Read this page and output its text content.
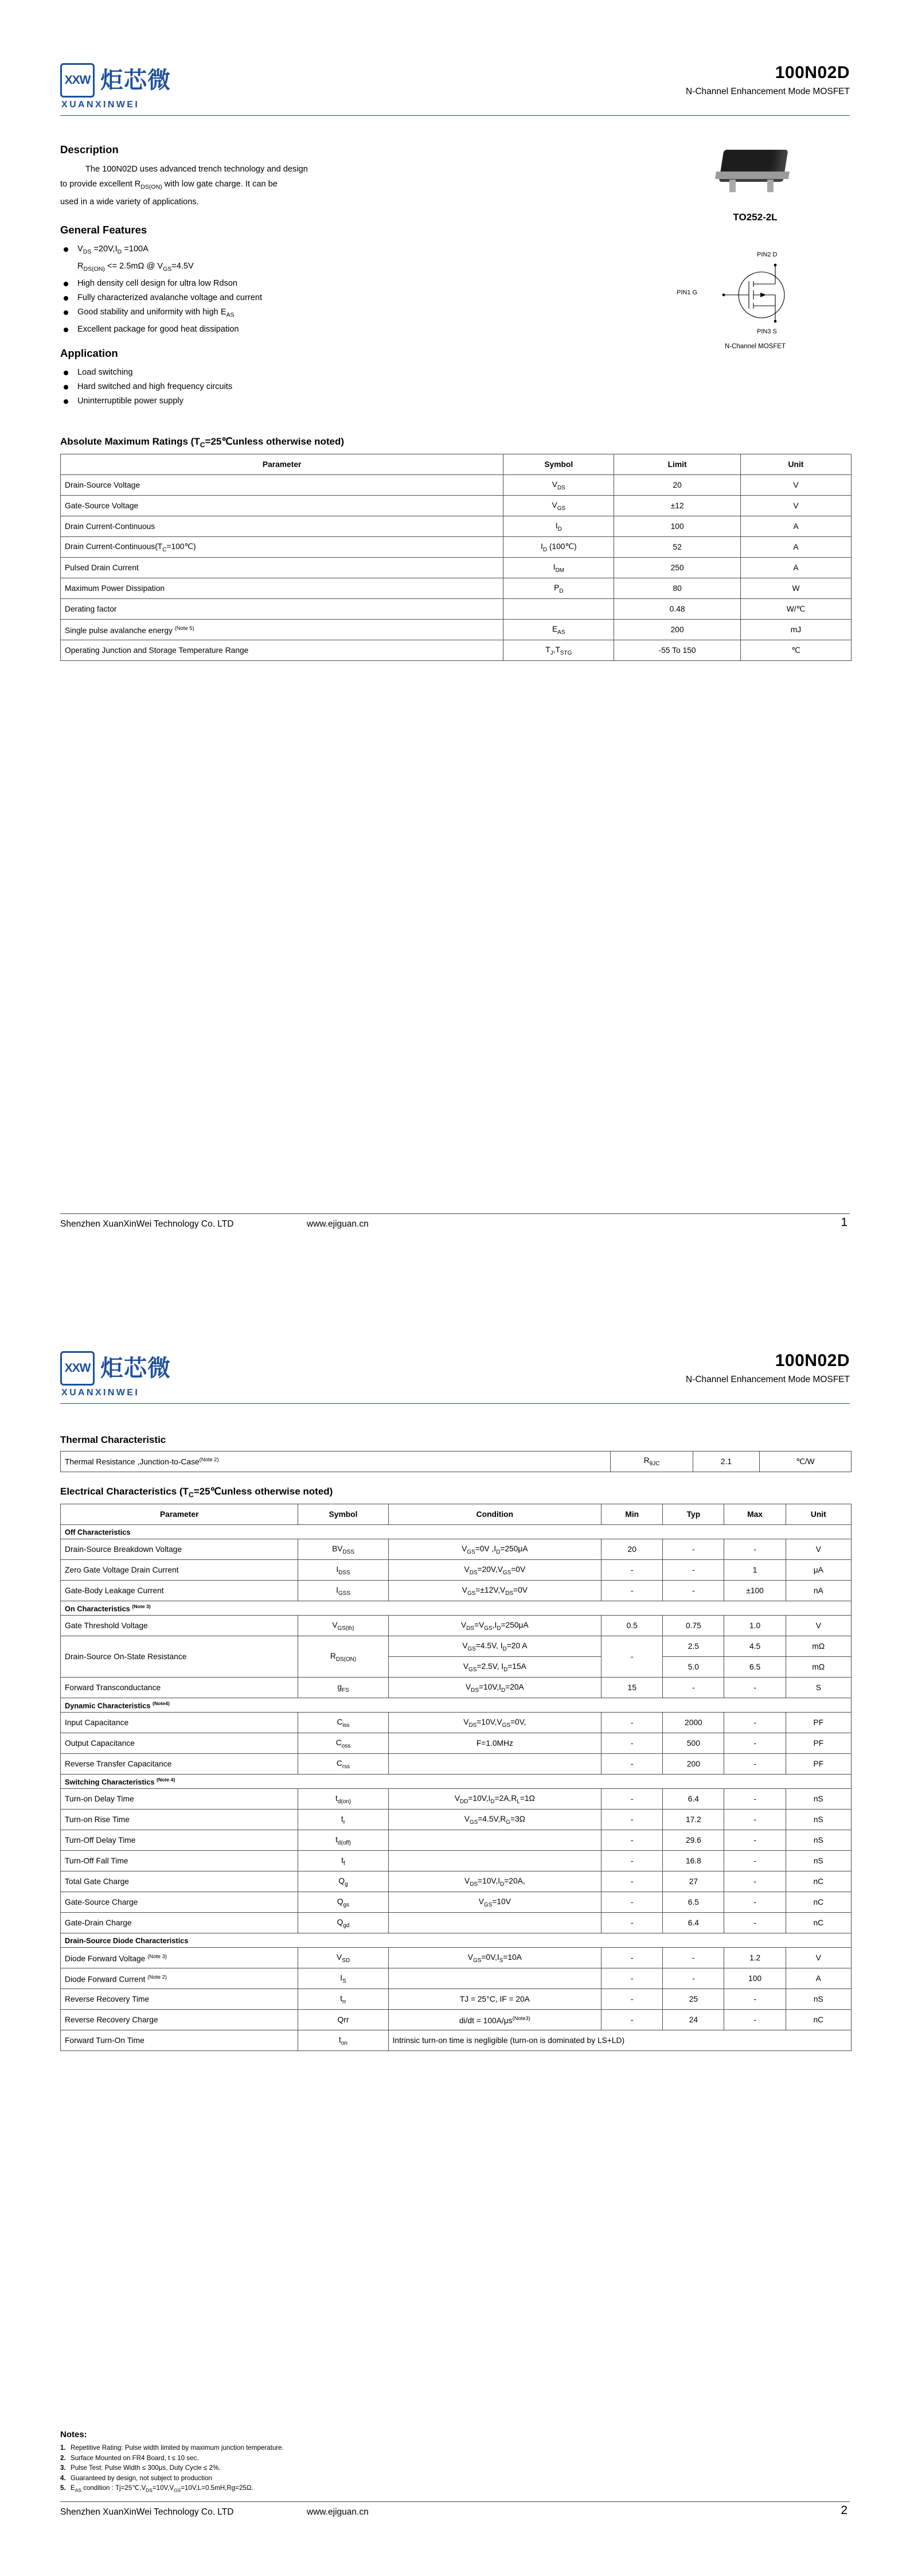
XXW 炬芯微
XUANXINWEI
100N02D
N-Channel Enhancement Mode MOSFET
TO252-2L
PIN2 D
PIN1 G
PIN3 S
N-Channel MOSFET
Description
The 100N02D uses advanced trench technology and design
to provide excellent $R_{DS(ON)}$ with low gate charge. It can be
used in a wide variety of applications.
General Features
$V_{DS} =20V,I_D =100A$
$R_{DS(ON)} <= 2.5m\Omega$ @ $V_{GS}=4.5V$
High density cell design for ultra low Rdson
Fully characterized avalanche voltage and current
Good stability and uniformity with high $E_{AS}$
Excellent package for good heat dissipation
Application
Load switching
Hard switched and high frequency circuits
Uninterruptible power supply
Absolute Maximum Ratings ($T_C=25℃unless$ otherwise noted)
Parameter	Symbol	Limit	Unit
Drain-Source Voltage	$V_{DS}$	20	V
Gate-Source Voltage	$V_{GS}$	±12	V
Drain Current-Continuous	$I_D$	100	A
Drain Current-$Continuous(T_C=100℃)$	$I_D$ (100℃)	52	A
Pulsed Drain Current	$I_{DM}$	250	A
Maximum Power Dissipation	$P_D$	80	W
Derating factor		0.48	W/℃
Single pulse avalanche energy $^{(Note 5)}$	$E_{AS}$	200	mJ
Operating Junction and Storage Temperature Range	$T_J,T_{STG}$	-55 To 150	℃
Shenzhen XuanXinWei Technology Co. LTD	www.ejiguan.cn	1
XXW 炬芯微
XUANXINWEI
100N02D
N-Channel Enhancement Mode MOSFET
Thermal Characteristic
Thermal Resistance ,Junction-to-Case$^{(Note 2)}$	$R_{\theta JC}$	2.1	℃/W
Electrical Characteristics ($T_C=25℃unless$ otherwise noted)
Parameter	Symbol	Condition	Min	Typ	Max	Unit
Off Characteristics						
Drain-Source Breakdown Voltage	$BV_{DSS}$	$V_{GS}=0V$ $,I_D=250\mu A$	20	-	-	V
Zero Gate Voltage Drain Current	$I_{DSS}$	$V_{DS}=20V,V_{GS}=0V$	-	-	1	μA
Gate-Body Leakage Current	$I_{GSS}$	$V_{GS}=\pm 12V,V_{DS}=0V$	-	-	±100	nA
On Characteristics $^{(Note 3)}$
Gate Threshold Voltage	$V_{GS(th)}$	$V_{DS}=V_{GS},I_D=250\mu A$	0.5	0.75	1.0	V
Drain-Source On-State Resistance	$R_{DS(ON)}$	$V_{GS}=4.5V$, $I_D=20$ A	-	2.5	4.5	mΩ
		$V_{GS}=2.5V$, $I_D=15A$		5.0	6.5	mΩ
Forward Transconductance	$g_{FS}$	$V_{DS}=10V,I_D=20A$	15	-	-	S
Dynamic Characteristics $^{(Note4)}$
Input Capacitance	$C_{iss}$	$V_{DS}=10V,V_{GS}=0V$,	-	2000	-	PF
Output Capacitance	$C_{oss}$	F=1.0MHz	-	500	-	PF
Reverse Transfer Capacitance	$C_{rss}$		-	200	-	PF
Switching Characteristics $^{(Note 4)}$
Turn-on Delay Time	$t_{d(on)}$	$V_{DD}=10V,I_D=2A,R_L=1\Omega$	-	6.4	-	nS
Turn-on Rise Time	$t_r$	$V_{GS}=4.5V,R_G=3\Omega$	-	17.2	-	nS
Turn-Off Delay Time	$t_{d(off)}$		-	29.6	-	nS
Turn-Off Fall Time	$t_f$		-	16.8	-	nS
Total Gate Charge	$Q_g$	$V_{DS}=10V,I_D=20A$,	-	27	-	nC
Gate-Source Charge	$Q_{gs}$	$V_{GS}=10V$	-	6.5	-	nC
Gate-Drain Charge	$Q_{gd}$		-	6.4	-	nC
Drain-Source Diode Characteristics						
Diode Forward Voltage $^{(Note 3)}$	$V_{SD}$	$V_{GS}=0V,I_S=10A$	-	-	1.2	V
Diode Forward Current $^{(Note 2)}$	$I_S$		-	-	100	A
Reverse Recovery Time	$t_{rr}$	TJ = 25°C, IF = 20A	-	25	-	nS
Reverse Recovery Charge	Qrr	$di/dt = 100A/\mu s^{(Note3)}$	-	24	-	nC
Forward Turn-On Time	$t_{on}$	Intrinsic turn-on time is negligible (turn-on is dominated by LS+LD)				
Notes:
1. Repetitive Rating: Pulse width limited by maximum junction temperature.
2. Surface Mounted on FR4 Board, t ≤ 10 sec.
3. Pulse Test: Pulse Width ≤ 300μs, Duty Cycle ≤ 2%.
4. Guaranteed by design, not subject to production
5. $E_{AS}$ condition : $Tj=25℃,V_{DS}=10V,V_{GS}=10V,L=0.5mH,Rg=25\Omega$.
Shenzhen XuanXinWei Technology Co. LTD	www.ejiguan.cn	2
